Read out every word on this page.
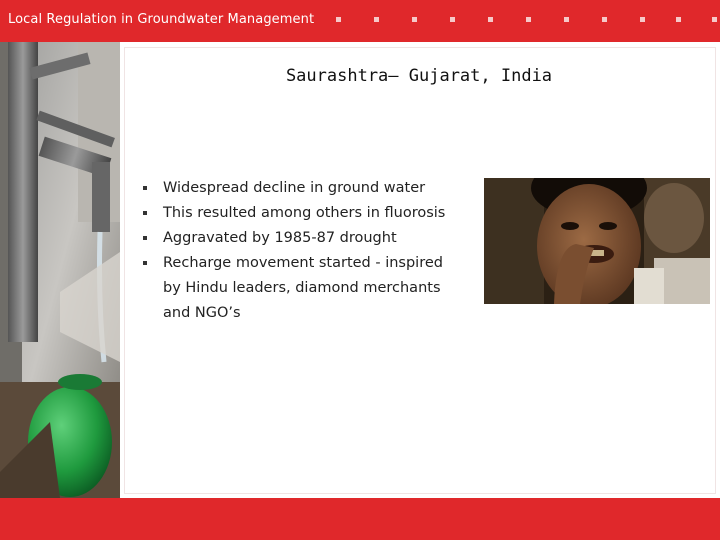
Local Regulation in Groundwater Management
Saurashtra– Gujarat, India
Widespread decline in ground water
This resulted among others in fluorosis
Aggravated by 1985-87 drought
Recharge movement started - inspired by Hindu leaders, diamond merchants and NGO’s
